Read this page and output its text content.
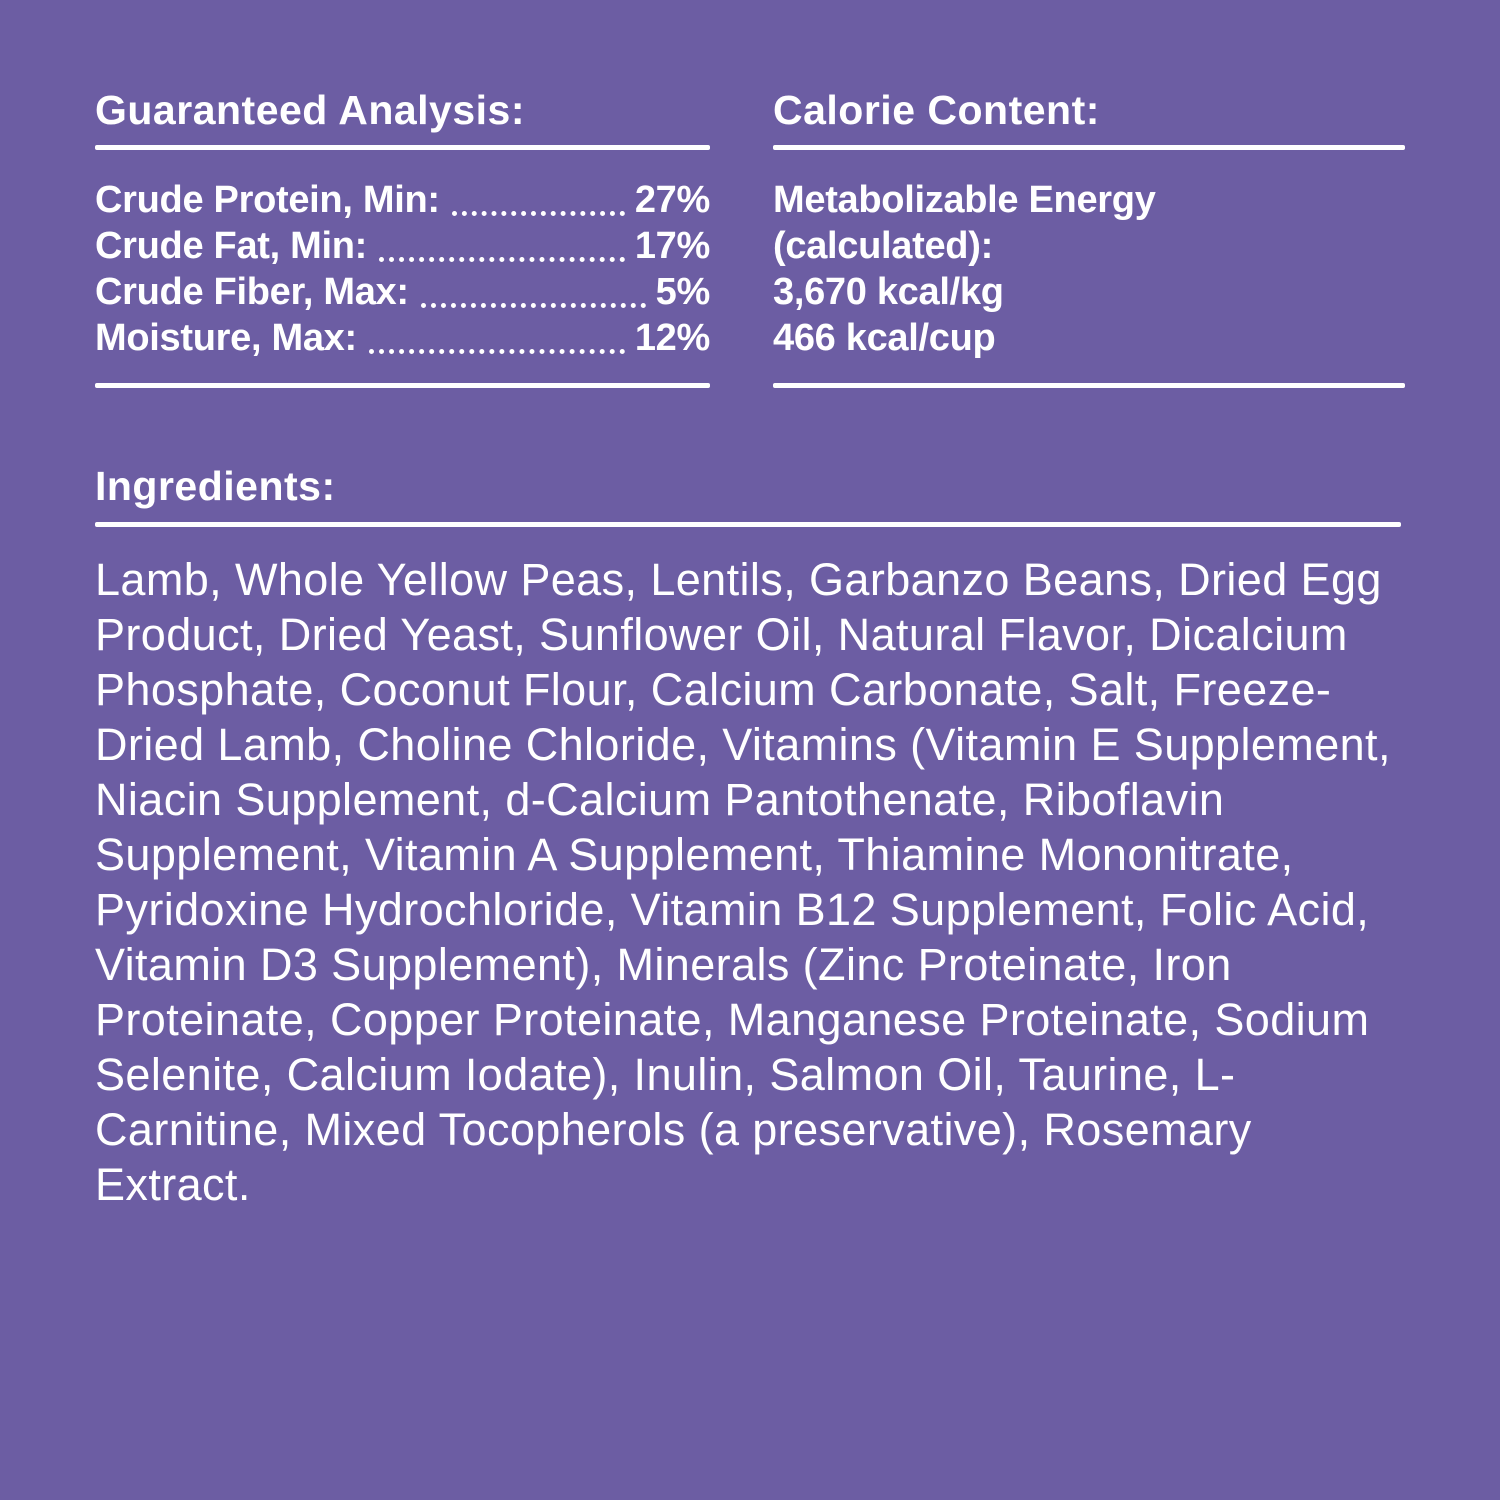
Guaranteed Analysis:
Crude Protein, Min:	27%
Crude Fat, Min:	17%
Crude Fiber, Max:	5%
Moisture, Max:	12%
Calorie Content:
Metabolizable Energy
(calculated):
3,670 kcal/kg
466 kcal/cup
Ingredients:
Lamb, Whole Yellow Peas, Lentils, Garbanzo Beans, Dried Egg Product, Dried Yeast, Sunflower Oil, Natural Flavor, Dicalcium Phosphate, Coconut Flour, Calcium Carbonate, Salt, Freeze-Dried Lamb, Choline Chloride, Vitamins (Vitamin E Supplement, Niacin Supplement, d-Calcium Pantothenate, Riboflavin Supplement, Vitamin A Supplement, Thiamine Mononitrate, Pyridoxine Hydrochloride, Vitamin B12 Supplement, Folic Acid, Vitamin D3 Supplement), Minerals (Zinc Proteinate, Iron Proteinate, Copper Proteinate, Manganese Proteinate, Sodium Selenite, Calcium Iodate), Inulin, Salmon Oil, Taurine, L-Carnitine, Mixed Tocopherols (a preservative), Rosemary Extract.
